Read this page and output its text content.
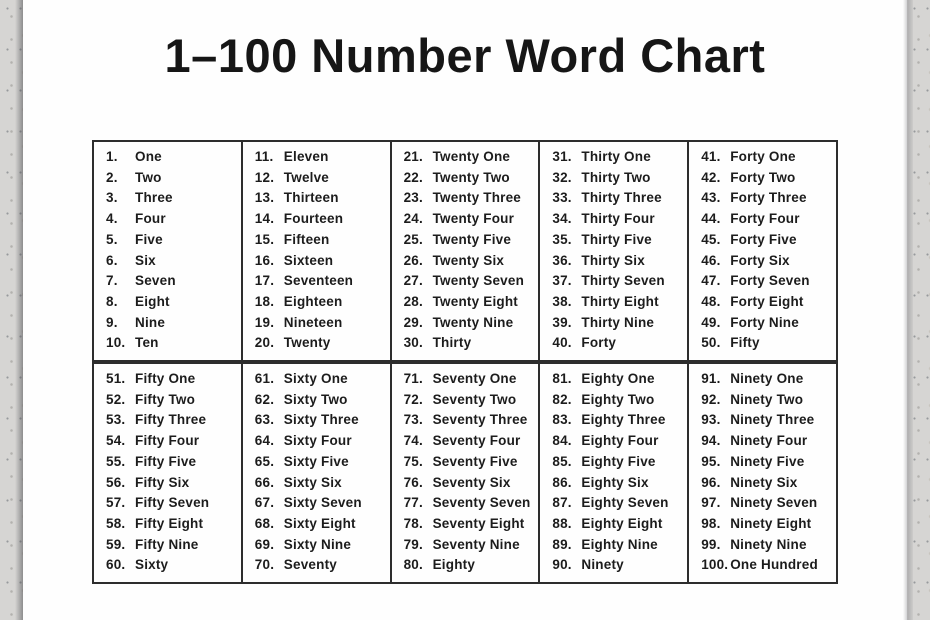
1–100 Number Word Chart
1.	One
2.	Two
3.	Three
4.	Four
5.	Five
6.	Six
7.	Seven
8.	Eight
9.	Nine
10. Ten
11. Eleven
12. Twelve
13. Thirteen
14. Fourteen
15. Fifteen
16. Sixteen
17. Seventeen
18. Eighteen
19. Nineteen
20. Twenty
21. Twenty One
22. Twenty Two
23. Twenty Three
24. Twenty Four
25. Twenty Five
26. Twenty Six
27. Twenty Seven
28. Twenty Eight
29. Twenty Nine
30. Thirty
31. Thirty One
32. Thirty Two
33. Thirty Three
34. Thirty Four
35. Thirty Five
36. Thirty Six
37. Thirty Seven
38. Thirty Eight
39. Thirty Nine
40. Forty
41. Forty One
42. Forty Two
43. Forty Three
44. Forty Four
45. Forty Five
46. Forty Six
47. Forty Seven
48. Forty Eight
49. Forty Nine
50. Fifty
51. Fifty One
52. Fifty Two
53. Fifty Three
54. Fifty Four
55. Fifty Five
56. Fifty Six
57. Fifty Seven
58. Fifty Eight
59. Fifty Nine
60. Sixty
61. Sixty One
62. Sixty Two
63. Sixty Three
64. Sixty Four
65. Sixty Five
66. Sixty Six
67. Sixty Seven
68. Sixty Eight
69. Sixty Nine
70. Seventy
71. Seventy One
72. Seventy Two
73. Seventy Three
74. Seventy Four
75. Seventy Five
76. Seventy Six
77. Seventy Seven
78. Seventy Eight
79. Seventy Nine
80. Eighty
81. Eighty One
82. Eighty Two
83. Eighty Three
84. Eighty Four
85. Eighty Five
86. Eighty Six
87. Eighty Seven
88. Eighty Eight
89. Eighty Nine
90. Ninety
91. Ninety One
92. Ninety Two
93. Ninety Three
94. Ninety Four
95. Ninety Five
96. Ninety Six
97. Ninety Seven
98. Ninety Eight
99. Ninety Nine
100. One Hundred
